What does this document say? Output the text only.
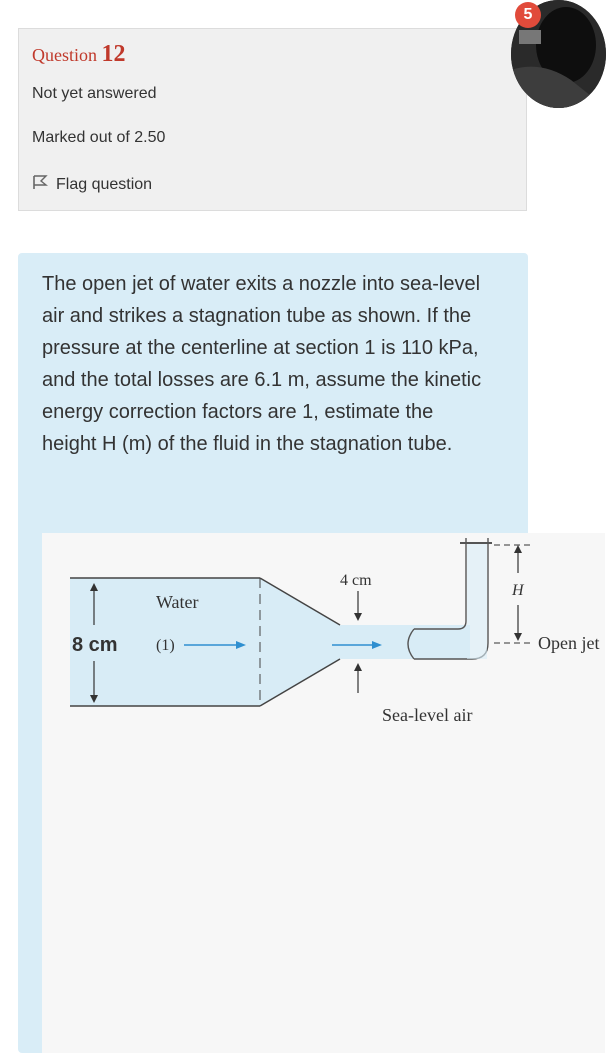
Question 12
Not yet answered
Marked out of 2.50
Flag question
5
The open jet of water exits a nozzle into sea-level air and strikes a stagnation tube as shown. If the pressure at the centerline at section 1 is 110 kPa, and the total losses are 6.1 m, assume the kinetic energy correction factors are 1, estimate the height H (m) of the fluid in the stagnation tube.
8 cm
Water
(1)
4 cm
H
Open jet
Sea-level air
